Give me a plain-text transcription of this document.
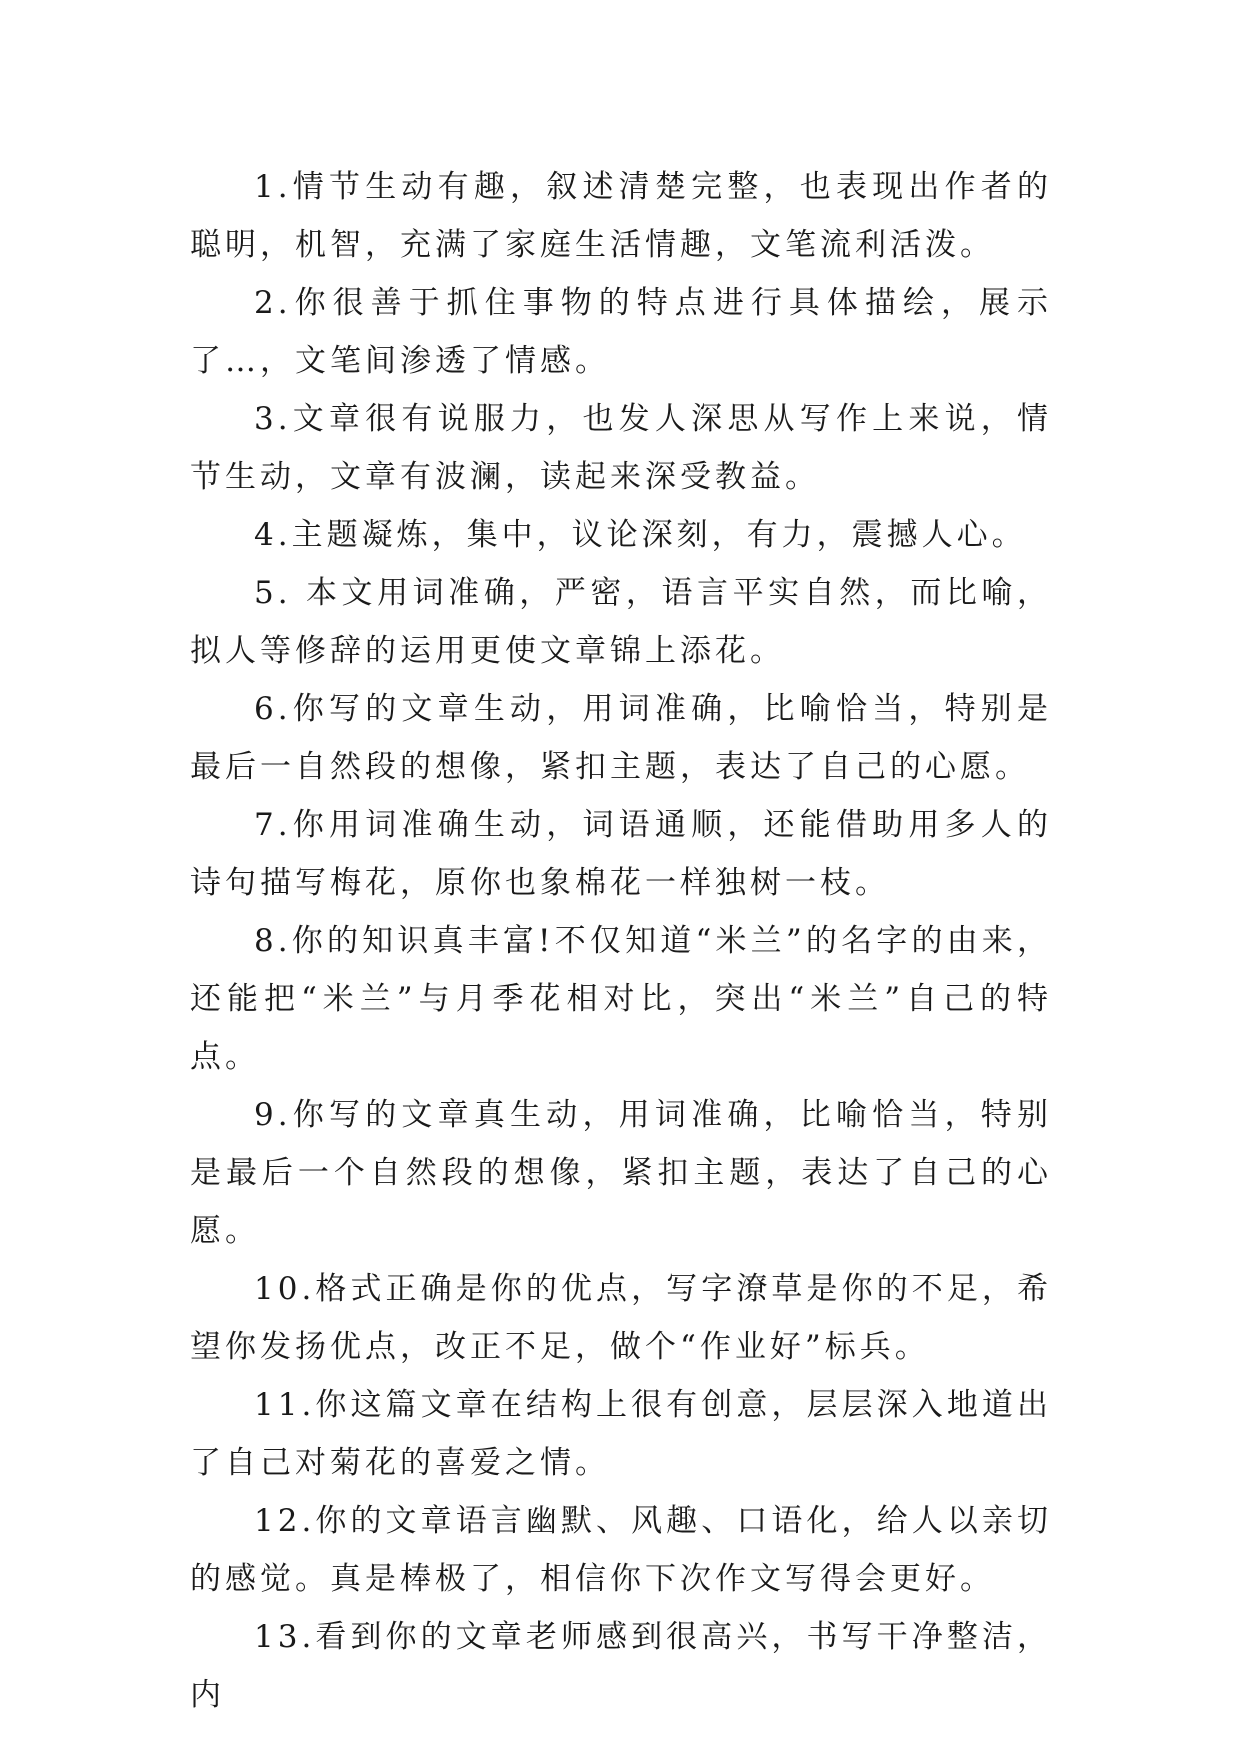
1.情节生动有趣，叙述清楚完整，也表现出作者的聪明，机智，充满了家庭生活情趣，文笔流利活泼。

2.你很善于抓住事物的特点进行具体描绘，展示了…，文笔间渗透了情感。

3.文章很有说服力，也发人深思从写作上来说，情节生动，文章有波澜，读起来深受教益。

4.主题凝炼，集中，议论深刻，有力，震撼人心。

5. 本文用词准确，严密，语言平实自然，而比喻，拟人等修辞的运用更使文章锦上添花。

6.你写的文章生动，用词准确，比喻恰当，特别是最后一自然段的想像，紧扣主题，表达了自己的心愿。

7.你用词准确生动，词语通顺，还能借助用多人的诗句描写梅花，原你也象棉花一样独树一枝。

8.你的知识真丰富!不仅知道“米兰”的名字的由来，还能把“米兰”与月季花相对比，突出“米兰”自己的特点。

9.你写的文章真生动，用词准确，比喻恰当，特别是最后一个自然段的想像，紧扣主题，表达了自己的心愿。

10.格式正确是你的优点，写字潦草是你的不足，希望你发扬优点，改正不足，做个“作业好”标兵。

11.你这篇文章在结构上很有创意，层层深入地道出了自己对菊花的喜爱之情。

12.你的文章语言幽默、风趣、口语化，给人以亲切的感觉。真是棒极了，相信你下次作文写得会更好。

13.看到你的文章老师感到很高兴，书写干净整洁，内
